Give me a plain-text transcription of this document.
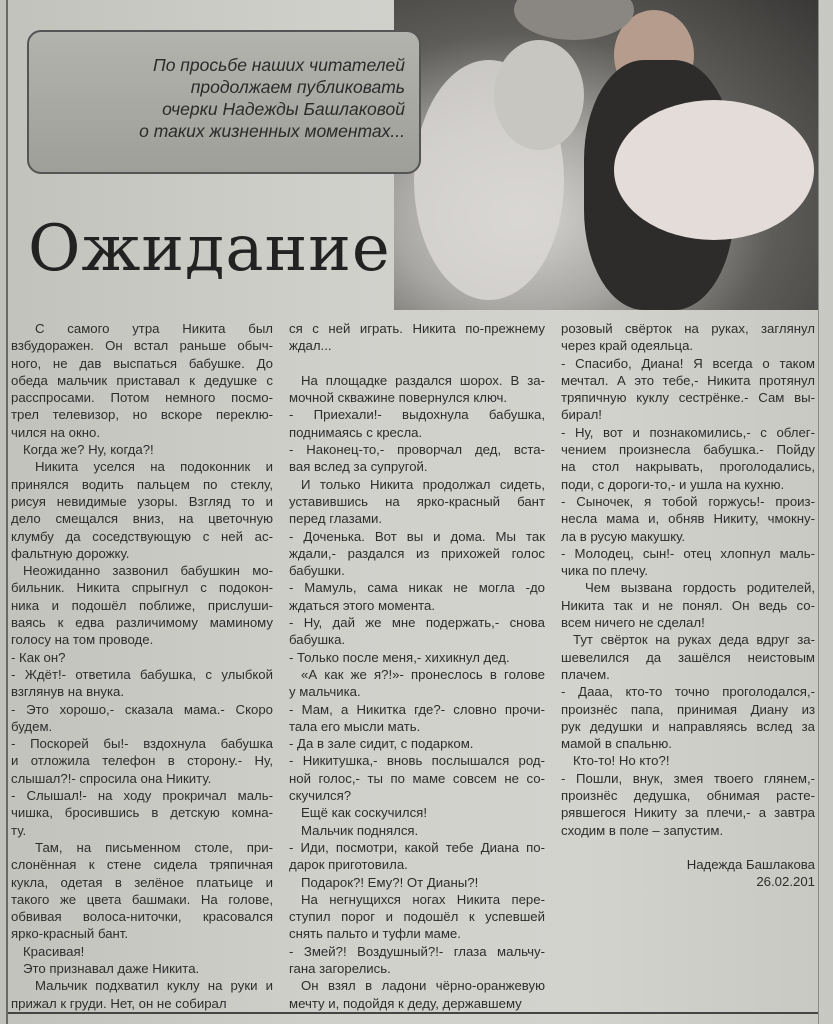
По просьбе наших читателей
продолжаем публиковать
очерки Надежды Башлаковой
о таких жизненных моментах...
Ожидание
С самого утра Никита был
взбудоражен. Он встал раньше обыч-
ного, не дав выспаться бабушке. До
обеда мальчик приставал к дедушке с
расспросами. Потом немного посмо-
трел телевизор, но вскоре переклю-
чился на окно.
Когда же? Ну, когда?!
Никита уселся на подоконник и
принялся водить пальцем по стеклу,
рисуя невидимые узоры. Взгляд то и
дело смещался вниз, на цветочную
клумбу да соседствующую с ней ас-
фальтную дорожку.
Неожиданно зазвонил бабушкин мо-
бильник. Никита спрыгнул с подокон-
ника и подошёл поближе, прислуши-
ваясь к едва различимому маминому
голосу на том проводе.
- Как он?
- Ждёт!- ответила бабушка, с улыбкой
взглянув на внука.
- Это хорошо,- сказала мама.- Скоро
будем.
- Поскорей бы!- вздохнула бабушка
и отложила телефон в сторону.- Ну,
слышал?!- спросила она Никиту.
- Слышал!- на ходу прокричал маль-
чишка, бросившись в детскую комна-
ту.
Там, на письменном столе, при-
слонённая к стене сидела тряпичная
кукла, одетая в зелёное платьице и
такого же цвета башмаки. На голове,
обвивая волоса-ниточки, красовался
ярко-красный бант.
Красивая!
Это признавал даже Никита.
Мальчик подхватил куклу на руки и
прижал к груди. Нет, он не собирал
ся с ней играть. Никита по-прежнему
ждал...
На площадке раздался шорох. В за-
мочной скважине повернулся ключ.
- Приехали!- выдохнула бабушка,
поднимаясь с кресла.
- Наконец-то,- проворчал дед, вста-
вая вслед за супругой.
И только Никита продолжал сидеть,
уставившись на ярко-красный бант
перед глазами.
- Доченька. Вот вы и дома. Мы так
ждали,- раздался из прихожей голос
бабушки.
- Мамуль, сама никак не могла -до
ждаться этого момента.
- Ну, дай же мне подержать,- снова
бабушка.
- Только после меня,- хихикнул дед.
«А как же я?!»- пронеслось в голове
у мальчика.
- Мам, а Никитка где?- словно прочи-
тала его мысли мать.
- Да в зале сидит, с подарком.
- Никитушка,- вновь послышался род-
ной голос,- ты по маме совсем не со-
скучился?
Ещё как соскучился!
Мальчик поднялся.
- Иди, посмотри, какой тебе Диана по-
дарок приготовила.
Подарок?! Ему?! От Дианы?!
На негнущихся ногах Никита пере-
ступил порог и подошёл к успевшей
снять пальто и туфли маме.
- Змей?! Воздушный?!- глаза мальчу-
гана загорелись.
Он взял в ладони чёрно-оранжевую
мечту и, подойдя к деду, державшему
розовый свёрток на руках, заглянул
через край одеяльца.
- Спасибо, Диана! Я всегда о таком
мечтал. А это тебе,- Никита протянул
тряпичную куклу сестрёнке.- Сам вы-
бирал!
- Ну, вот и познакомились,- с облег-
чением произнесла бабушка.- Пойду
на стол накрывать, проголодались,
поди, с дороги-то,- и ушла на кухню.
- Сыночек, я тобой горжусь!- произ-
несла мама и, обняв Никиту, чмокну-
ла в русую макушку.
- Молодец, сын!- отец хлопнул маль-
чика по плечу.
Чем вызвана гордость родителей,
Никита так и не понял. Он ведь со-
всем ничего не сделал!
Тут свёрток на руках деда вдруг за-
шевелился да зашёлся неистовым
плачем.
- Дааа, кто-то точно проголодался,-
произнёс папа, принимая Диану из
рук дедушки и направляясь вслед за
мамой в спальню.
Кто-то! Но кто?!
- Пошли, внук, змея твоего глянем,-
произнёс дедушка, обнимая расте-
рявшегося Никиту за плечи,- а завтра
сходим в поле – запустим.
Надежда Башлакова
26.02.201
